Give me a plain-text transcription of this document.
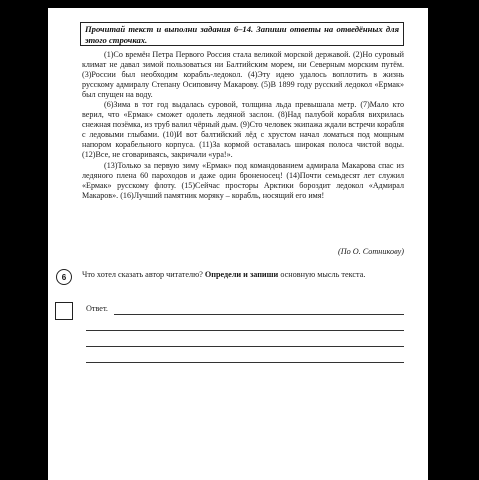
Прочитай текст и выполни задания 6–14. Запиши ответы на отведённых для этого строчках.

(1)Со времён Петра Первого Россия стала великой морской державой. (2)Но суровый климат не давал зимой пользоваться ни Балтийским морем, ни Северным морским путём. (3)России был необходим корабль-ледокол. (4)Эту идею удалось воплотить в жизнь русскому адмиралу Степану Осиповичу Макарову. (5)В 1899 году русский ледокол «Ермак» был спущен на воду.

(6)Зима в тот год выдалась суровой, толщина льда превышала метр. (7)Мало кто верил, что «Ермак» сможет одолеть ледяной заслон. (8)Над палубой корабля вихрилась снежная позёмка, из труб валил чёрный дым. (9)Сто человек экипажа ждали встречи корабля с ледовыми глыбами. (10)И вот балтийский лёд с хрустом начал ломаться под мощным напором корабельного корпуса. (11)За кормой оставалась широкая полоса чистой воды. (12)Все, не сговариваясь, закричали «ура!».

(13)Только за первую зиму «Ермак» под командованием адмирала Макарова спас из ледяного плена 60 пароходов и даже один броненосец! (14)Почти семьдесят лет служил «Ермак» русскому флоту. (15)Сейчас просторы Арктики бороздит ледокол «Адмирал Макаров». (16)Лучший памятник моряку – корабль, носящий его имя!

(По О. Сотникову)
6	Что хотел сказать автор читателю? Определи и запиши основную мысль текста.
Ответ.
